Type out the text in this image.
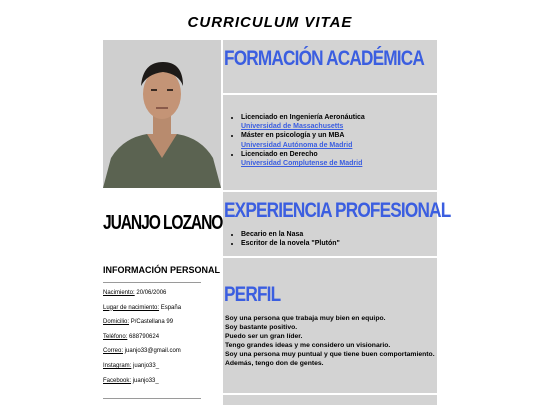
CURRICULUM VITAE
JUANJO LOZANO
INFORMACIÓN PERSONAL
Nacimiento: 20/06/2006
Lugar de nacimiento: España
Domicilio: P/Castellana 99
Teléfono: 688790624
Correo: juanjo33@gmail.com
Instagram: juanjo33_
Facebook: juanjo33_
FORMACIÓN ACADÉMICA
• Licenciado en Ingeniería Aeronáutica
Universidad de Massachusetts
• Máster en psicología y un MBA
Universidad Autónoma de Madrid
• Licenciado en Derecho
Universidad Complutense de Madrid
EXPERIENCIA PROFESIONAL
• Becario en la Nasa
• Escritor de la novela "Plutón"
PERFIL
Soy una persona que trabaja muy bien en equipo.
Soy bastante positivo.
Puedo ser un gran líder.
Tengo grandes ideas y me considero un visionario.
Soy una persona muy puntual y que tiene buen comportamiento.
Además, tengo don de gentes.
